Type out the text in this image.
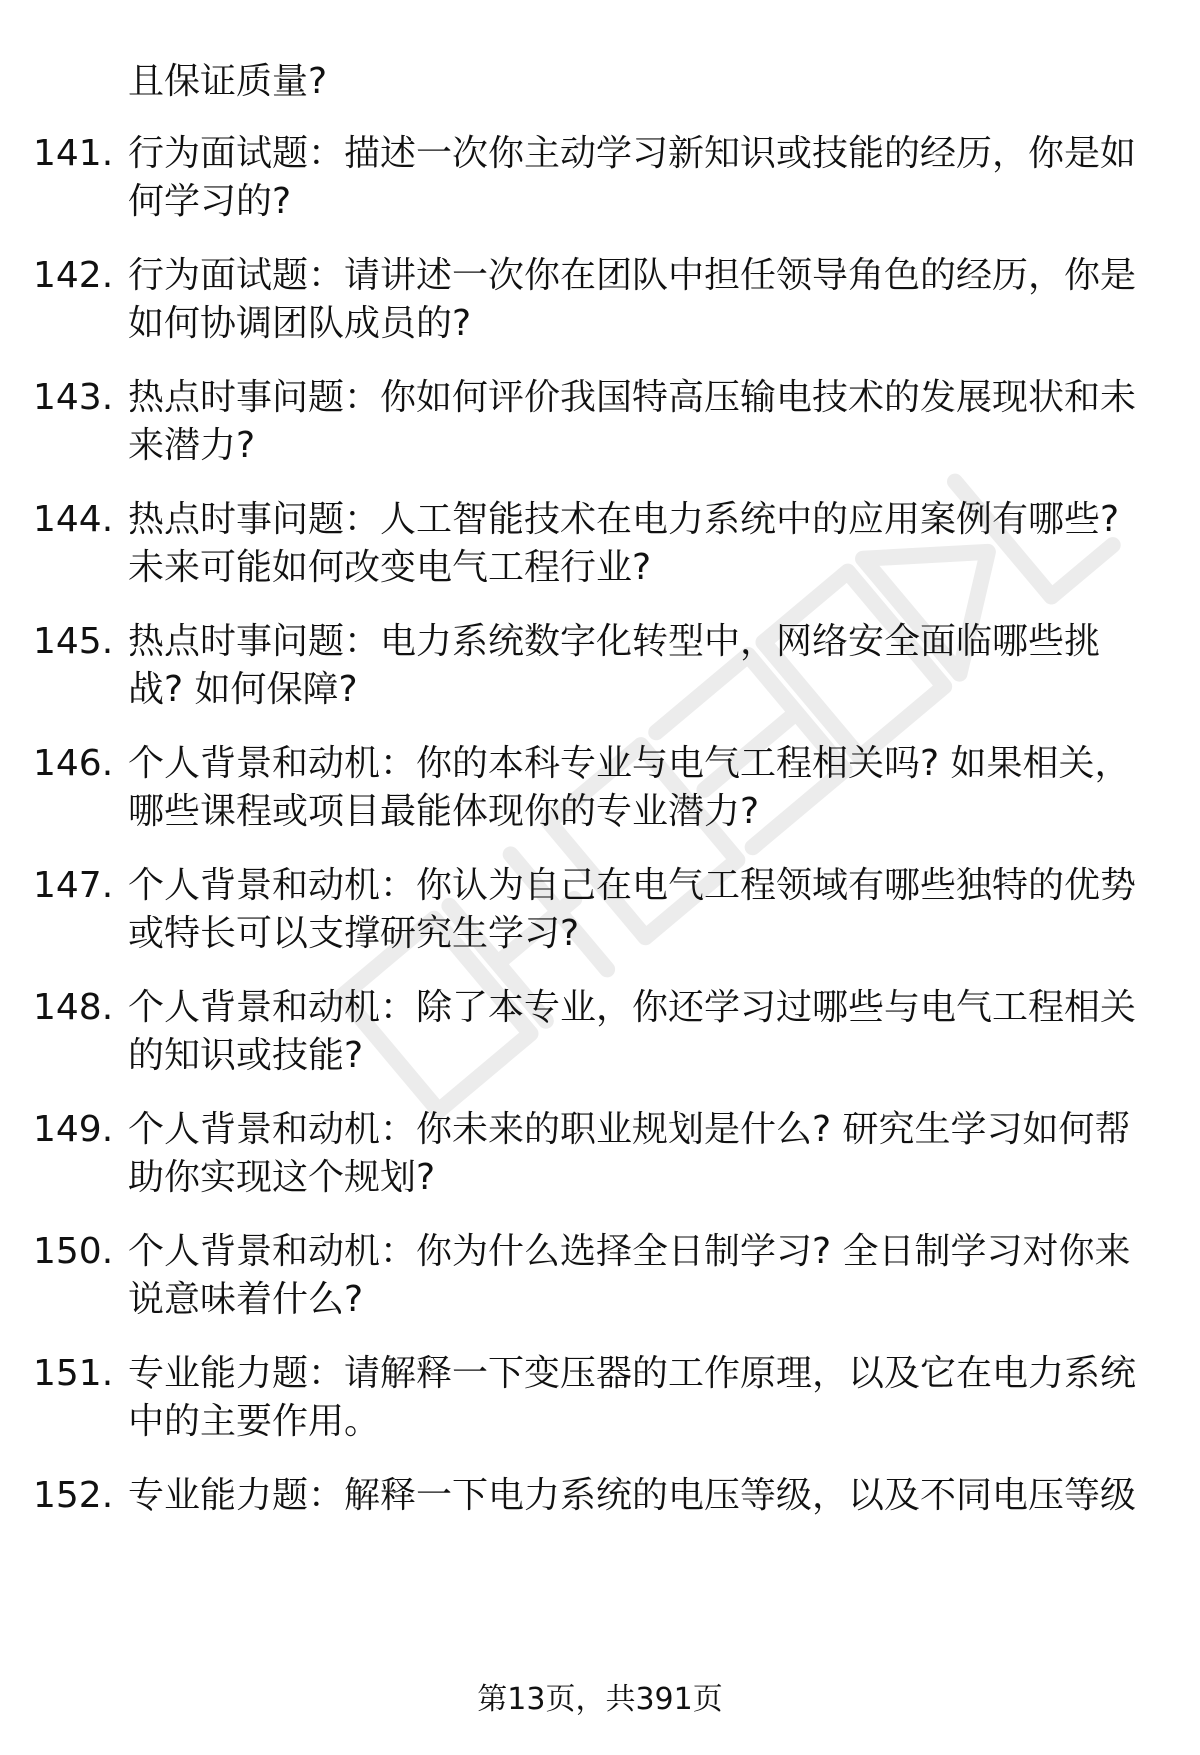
且保证质量?
141. 行为面试题：描述一次你主动学习新知识或技能的经历，你是如何学习的?
142. 行为面试题：请讲述一次你在团队中担任领导角色的经历，你是如何协调团队成员的?
143. 热点时事问题：你如何评价我国特高压输电技术的发展现状和未来潜力?
144. 热点时事问题：人工智能技术在电力系统中的应用案例有哪些? 未来可能如何改变电气工程行业?
145. 热点时事问题：电力系统数字化转型中，网络安全面临哪些挑战? 如何保障?
146. 个人背景和动机：你的本科专业与电气工程相关吗? 如果相关，哪些课程或项目最能体现你的专业潜力?
147. 个人背景和动机：你认为自己在电气工程领域有哪些独特的优势或特长可以支撑研究生学习?
148. 个人背景和动机：除了本专业，你还学习过哪些与电气工程相关的知识或技能?
149. 个人背景和动机：你未来的职业规划是什么? 研究生学习如何帮助你实现这个规划?
150. 个人背景和动机：你为什么选择全日制学习? 全日制学习对你来说意味着什么?
151. 专业能力题：请解释一下变压器的工作原理，以及它在电力系统中的主要作用。
152. 专业能力题：解释一下电力系统的电压等级，以及不同电压等级
第13页，共391页
